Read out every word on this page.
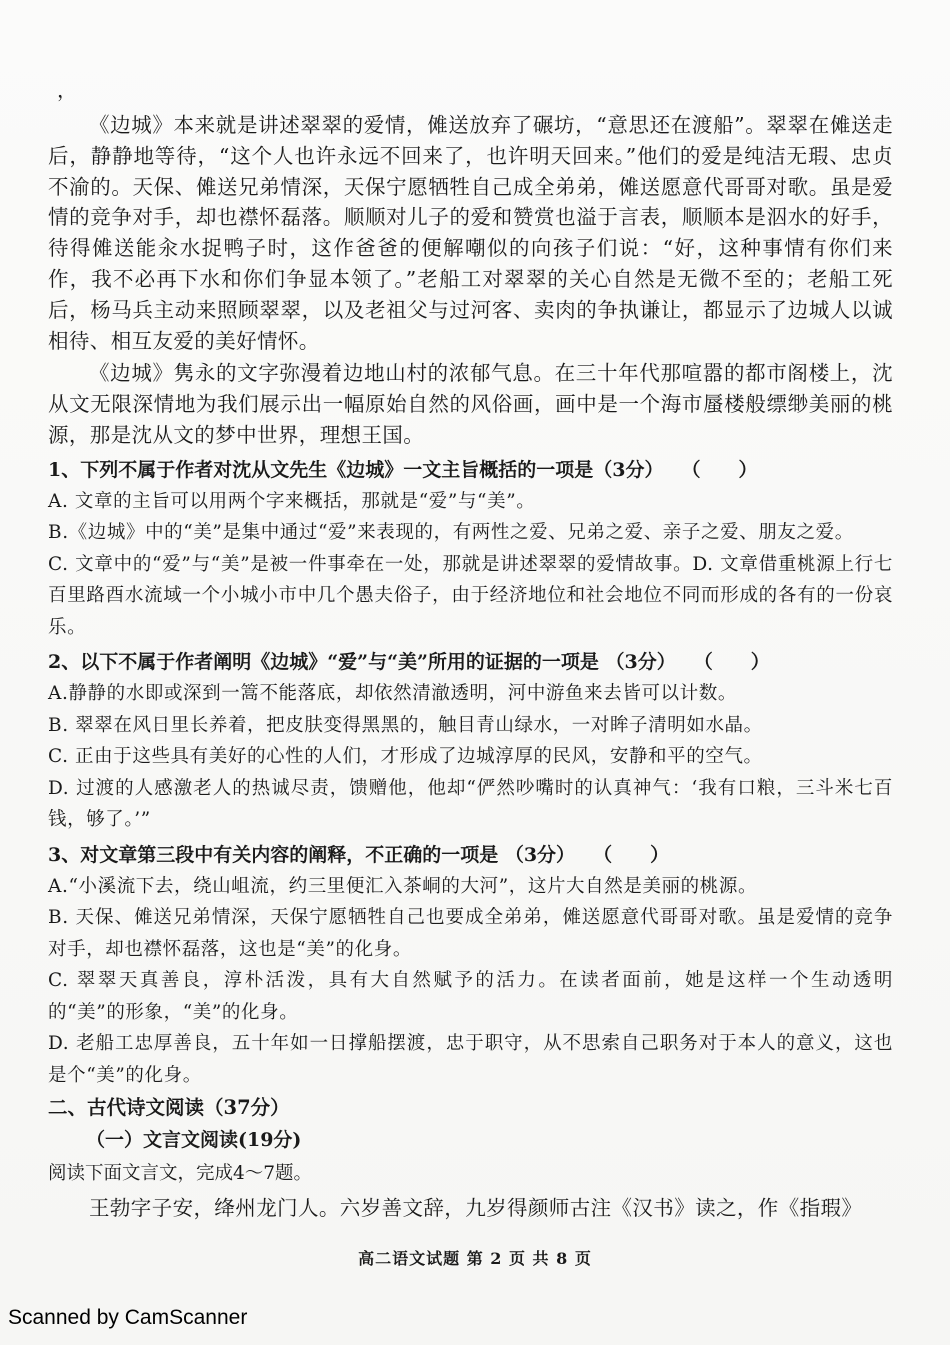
，

《边城》本来就是讲述翠翠的爱情，傩送放弃了碾坊，“意思还在渡船”。翠翠在傩送走后，静静地等待，“这个人也许永远不回来了，也许明天回来。”他们的爱是纯洁无瑕、忠贞不渝的。天保、傩送兄弟情深，天保宁愿牺牲自己成全弟弟，傩送愿意代哥哥对歌。虽是爱情的竞争对手，却也襟怀磊落。顺顺对儿子的爱和赞赏也溢于言表，顺顺本是泅水的好手，待得傩送能汆水捉鸭子时，这作爸爸的便解嘲似的向孩子们说：“好，这种事情有你们来作，我不必再下水和你们争显本领了。”老船工对翠翠的关心自然是无微不至的；老船工死后，杨马兵主动来照顾翠翠，以及老祖父与过河客、卖肉的争执谦让，都显示了边城人以诚相待、相互友爱的美好情怀。

《边城》隽永的文字弥漫着边地山村的浓郁气息。在三十年代那喧嚣的都市阁楼上，沈从文无限深情地为我们展示出一幅原始自然的风俗画，画中是一个海市蜃楼般缥缈美丽的桃源，那是沈从文的梦中世界，理想王国。

1、下列不属于作者对沈从文先生《边城》一文主旨概括的一项是（3分） （　　）

A. 文章的主旨可以用两个字来概括，那就是“爱”与“美”。

B.《边城》中的“美”是集中通过“爱”来表现的，有两性之爱、兄弟之爱、亲子之爱、朋友之爱。

C. 文章中的“爱”与“美”是被一件事牵在一处，那就是讲述翠翠的爱情故事。D. 文章借重桃源上行七百里路酉水流域一个小城小市中几个愚夫俗子，由于经济地位和社会地位不同而形成的各有的一份哀乐。

2、以下不属于作者阐明《边城》“爱”与“美”所用的证据的一项是 （3分） （　　）

A.静静的水即或深到一篙不能落底，却依然清澈透明，河中游鱼来去皆可以计数。

B. 翠翠在风日里长养着，把皮肤变得黑黑的，触目青山绿水，一对眸子清明如水晶。

C. 正由于这些具有美好的心性的人们，才形成了边城淳厚的民风，安静和平的空气。

D. 过渡的人感激老人的热诚尽责，馈赠他，他却“俨然吵嘴时的认真神气：‘我有口粮，三斗米七百钱，够了。’”

3、对文章第三段中有关内容的阐释，不正确的一项是 （3分） （　　）

A.“小溪流下去，绕山岨流，约三里便汇入茶峒的大河”，这片大自然是美丽的桃源。

B. 天保、傩送兄弟情深，天保宁愿牺牲自己也要成全弟弟，傩送愿意代哥哥对歌。虽是爱情的竞争对手，却也襟怀磊落，这也是“美”的化身。

C. 翠翠天真善良，淳朴活泼，具有大自然赋予的活力。在读者面前，她是这样一个生动透明的“美”的形象，“美”的化身。

D. 老船工忠厚善良，五十年如一日撑船摆渡，忠于职守，从不思索自己职务对于本人的意义，这也是个“美”的化身。

二、古代诗文阅读（37分）

（一）文言文阅读(19分)

阅读下面文言文，完成4～7题。

王勃字子安，绛州龙门人。六岁善文辞，九岁得颜师古注《汉书》读之，作《指瑕》

高二语文试题 第 2 页 共 8 页
Scanned by CamScanner
